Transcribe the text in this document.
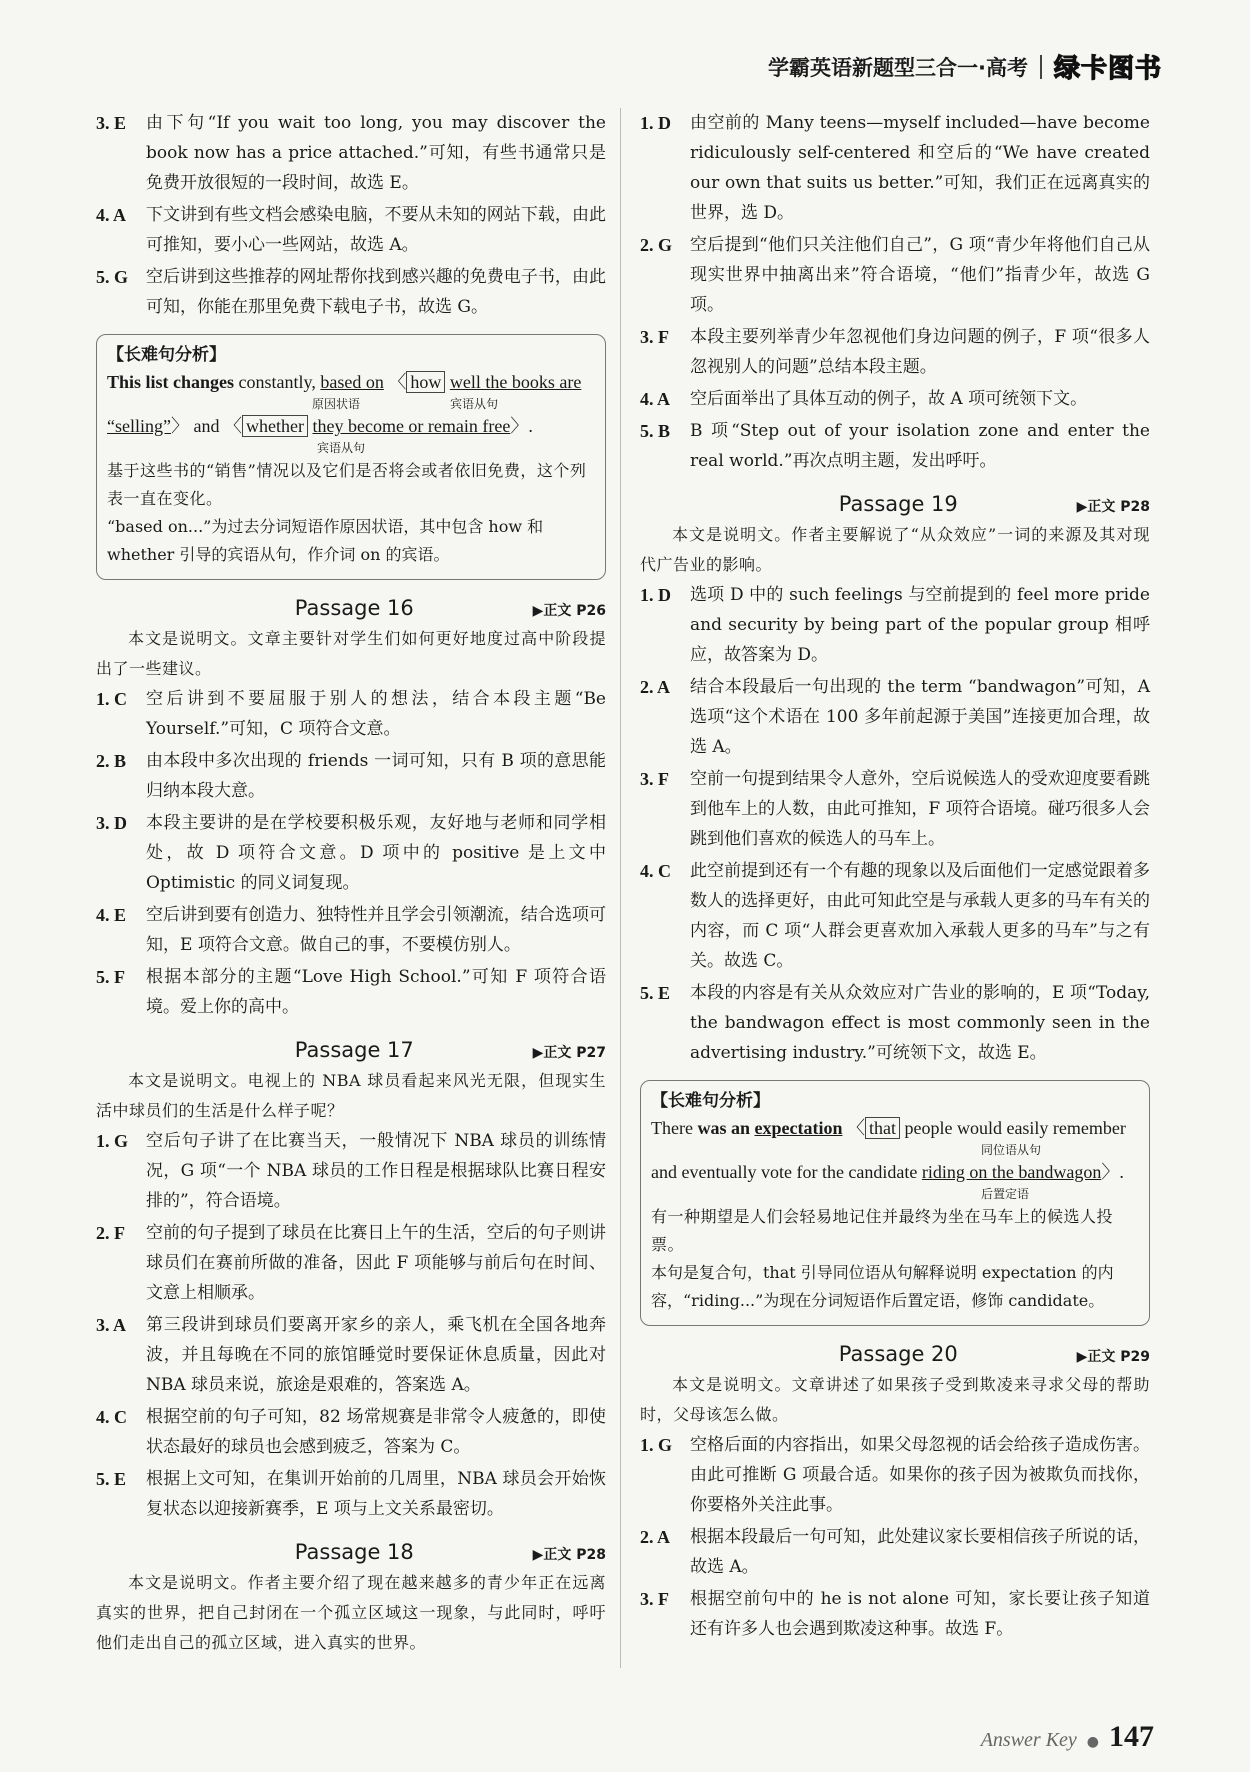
学霸英语新题型三合一·高考 绿卡图书
3. E	由下句“If you wait too long, you may discover the book now has a price attached.”可知，有些书通常只是免费开放很短的一段时间，故选 E。
4. A	下文讲到有些文档会感染电脑，不要从未知的网站下载，由此可推知，要小心一些网站，故选 A。
5. G	空后讲到这些推荐的网址帮你找到感兴趣的免费电子书，由此可知，你能在那里免费下载电子书，故选 G。
【长难句分析】
This list changes constantly, based on 〈 how well the books are
原因状语	宾语从句
“selling”〉 and 〈 whether they become or remain free〉.
宾语从句
基于这些书的“销售”情况以及它们是否将会或者依旧免费，这个列表一直在变化。
“based on...”为过去分词短语作原因状语，其中包含 how 和 whether 引导的宾语从句，作介词 on 的宾语。
Passage 16	▶正文 P26
本文是说明文。文章主要针对学生们如何更好地度过高中阶段提出了一些建议。
1. C	空后讲到不要屈服于别人的想法，结合本段主题“Be Yourself.”可知，C 项符合文意。
2. B	由本段中多次出现的 friends 一词可知，只有 B 项的意思能归纳本段大意。
3. D	本段主要讲的是在学校要积极乐观，友好地与老师和同学相处，故 D 项符合文意。D 项中的 positive 是上文中 Optimistic 的同义词复现。
4. E	空后讲到要有创造力、独特性并且学会引领潮流，结合选项可知，E 项符合文意。做自己的事，不要模仿别人。
5. F	根据本部分的主题“Love High School.”可知 F 项符合语境。爱上你的高中。
Passage 17	▶正文 P27
本文是说明文。电视上的 NBA 球员看起来风光无限，但现实生活中球员们的生活是什么样子呢？
1. G	空后句子讲了在比赛当天，一般情况下 NBA 球员的训练情况，G 项“一个 NBA 球员的工作日程是根据球队比赛日程安排的”，符合语境。
2. F	空前的句子提到了球员在比赛日上午的生活，空后的句子则讲球员们在赛前所做的准备，因此 F 项能够与前后句在时间、文意上相顺承。
3. A	第三段讲到球员们要离开家乡的亲人，乘飞机在全国各地奔波，并且每晚在不同的旅馆睡觉时要保证休息质量，因此对 NBA 球员来说，旅途是艰难的，答案选 A。
4. C	根据空前的句子可知，82 场常规赛是非常令人疲惫的，即使状态最好的球员也会感到疲乏，答案为 C。
5. E	根据上文可知，在集训开始前的几周里，NBA 球员会开始恢复状态以迎接新赛季，E 项与上文关系最密切。
Passage 18	▶正文 P28
本文是说明文。作者主要介绍了现在越来越多的青少年正在远离真实的世界，把自己封闭在一个孤立区域这一现象，与此同时，呼吁他们走出自己的孤立区域，进入真实的世界。
1. D	由空前的 Many teens—myself included—have become ridiculously self-centered 和空后的“We have created our own that suits us better.”可知，我们正在远离真实的世界，选 D。
2. G	空后提到“他们只关注他们自己”，G 项“青少年将他们自己从现实世界中抽离出来”符合语境，“他们”指青少年，故选 G 项。
3. F	本段主要列举青少年忽视他们身边问题的例子，F 项“很多人忽视别人的问题”总结本段主题。
4. A	空后面举出了具体互动的例子，故 A 项可统领下文。
5. B	B 项“Step out of your isolation zone and enter the real world.”再次点明主题，发出呼吁。
Passage 19	▶正文 P28
本文是说明文。作者主要解说了“从众效应”一词的来源及其对现代广告业的影响。
1. D	选项 D 中的 such feelings 与空前提到的 feel more pride and security by being part of the popular group 相呼应，故答案为 D。
2. A	结合本段最后一句出现的 the term “bandwagon”可知，A 选项“这个术语在 100 多年前起源于美国”连接更加合理，故选 A。
3. F	空前一句提到结果令人意外，空后说候选人的受欢迎度要看跳到他车上的人数，由此可推知，F 项符合语境。碰巧很多人会跳到他们喜欢的候选人的马车上。
4. C	此空前提到还有一个有趣的现象以及后面他们一定感觉跟着多数人的选择更好，由此可知此空是与承载人更多的马车有关的内容，而 C 项“人群会更喜欢加入承载人更多的马车”与之有关。故选 C。
5. E	本段的内容是有关从众效应对广告业的影响的，E 项“Today, the bandwagon effect is most commonly seen in the advertising industry.”可统领下文，故选 E。
【长难句分析】
There was an expectation 〈 that people would easily remember
同位语从句
and eventually vote for the candidate riding on the bandwagon〉.
后置定语
有一种期望是人们会轻易地记住并最终为坐在马车上的候选人投票。
本句是复合句，that 引导同位语从句解释说明 expectation 的内容，“riding...”为现在分词短语作后置定语，修饰 candidate。
Passage 20	▶正文 P29
本文是说明文。文章讲述了如果孩子受到欺凌来寻求父母的帮助时，父母该怎么做。
1. G	空格后面的内容指出，如果父母忽视的话会给孩子造成伤害。由此可推断 G 项最合适。如果你的孩子因为被欺负而找你，你要格外关注此事。
2. A	根据本段最后一句可知，此处建议家长要相信孩子所说的话，故选 A。
3. F	根据空前句中的 he is not alone 可知，家长要让孩子知道还有许多人也会遇到欺凌这种事。故选 F。
Answer Key ● 147
